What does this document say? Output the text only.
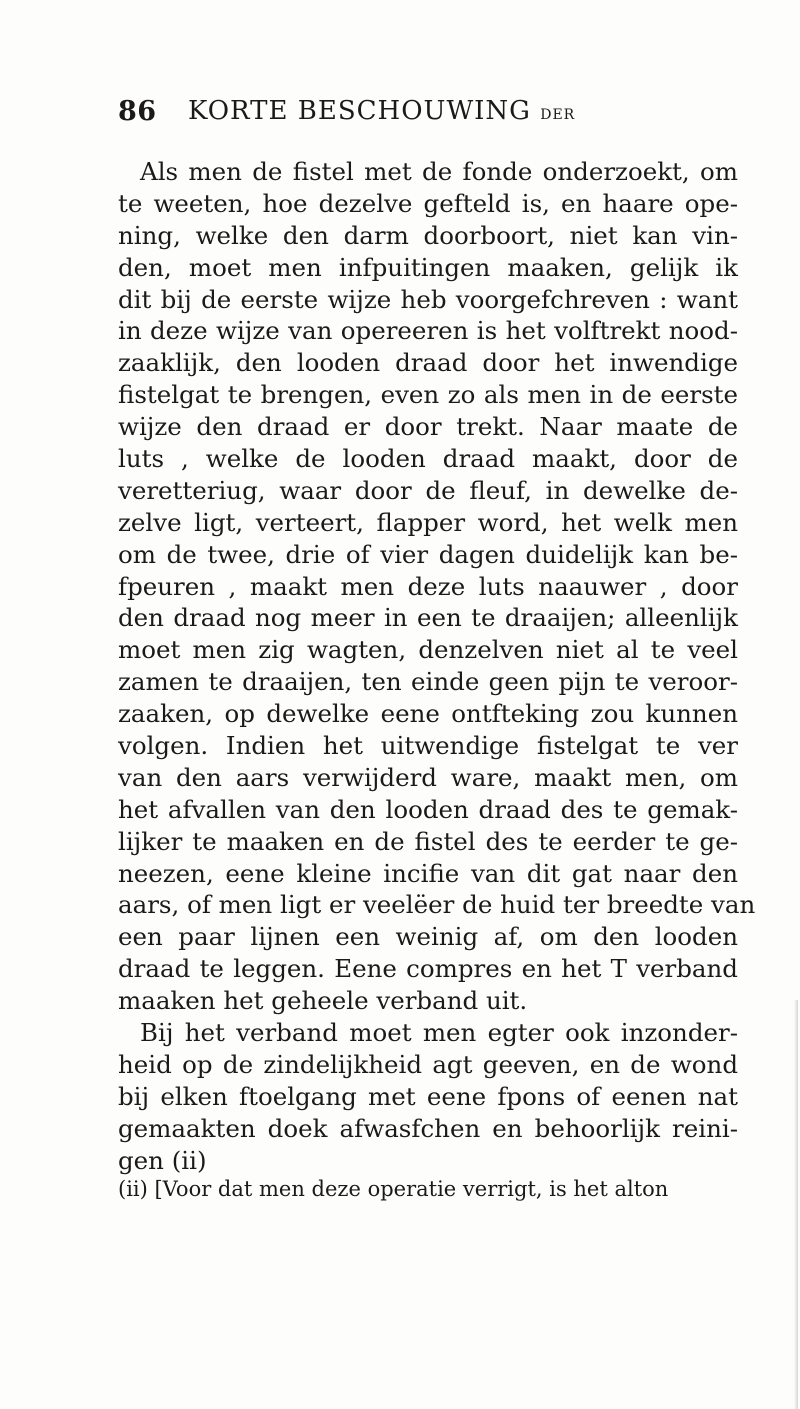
86 KORTE BESCHOUWING DER
Als men de fistel met de fonde onderzoekt, om
te weeten, hoe dezelve gefteld is, en haare ope-
ning, welke den darm doorboort, niet kan vin-
den, moet men infpuitingen maaken, gelijk ik
dit bij de eerste wijze heb voorgefchreven : want
in deze wijze van opereeren is het volftrekt nood-
zaaklijk, den looden draad door het inwendige
fistelgat te brengen, even zo als men in de eerste
wijze den draad er door trekt. Naar maate de
luts , welke de looden draad maakt, door de
veretteriug, waar door de fleuf, in dewelke de-
zelve ligt, verteert, flapper word, het welk men
om de twee, drie of vier dagen duidelijk kan be-
fpeuren , maakt men deze luts naauwer , door
den draad nog meer in een te draaijen; alleenlijk
moet men zig wagten, denzelven niet al te veel
zamen te draaijen, ten einde geen pijn te veroor-
zaaken, op dewelke eene ontfteking zou kunnen
volgen. Indien het uitwendige fistelgat te ver
van den aars verwijderd ware, maakt men, om
het afvallen van den looden draad des te gemak-
lijker te maaken en de fistel des te eerder te ge-
neezen, eene kleine incifie van dit gat naar den
aars, of men ligt er veelëer de huid ter breedte van
een paar lijnen een weinig af, om den looden
draad te leggen. Eene compres en het T verband
maaken het geheele verband uit.
Bij het verband moet men egter ook inzonder-
heid op de zindelijkheid agt geeven, en de wond
bij elken ftoelgang met eene fpons of eenen nat
gemaakten doek afwasfchen en behoorlijk reini-
gen (ii)
(ii) [Voor dat men deze operatie verrigt, is het alton
